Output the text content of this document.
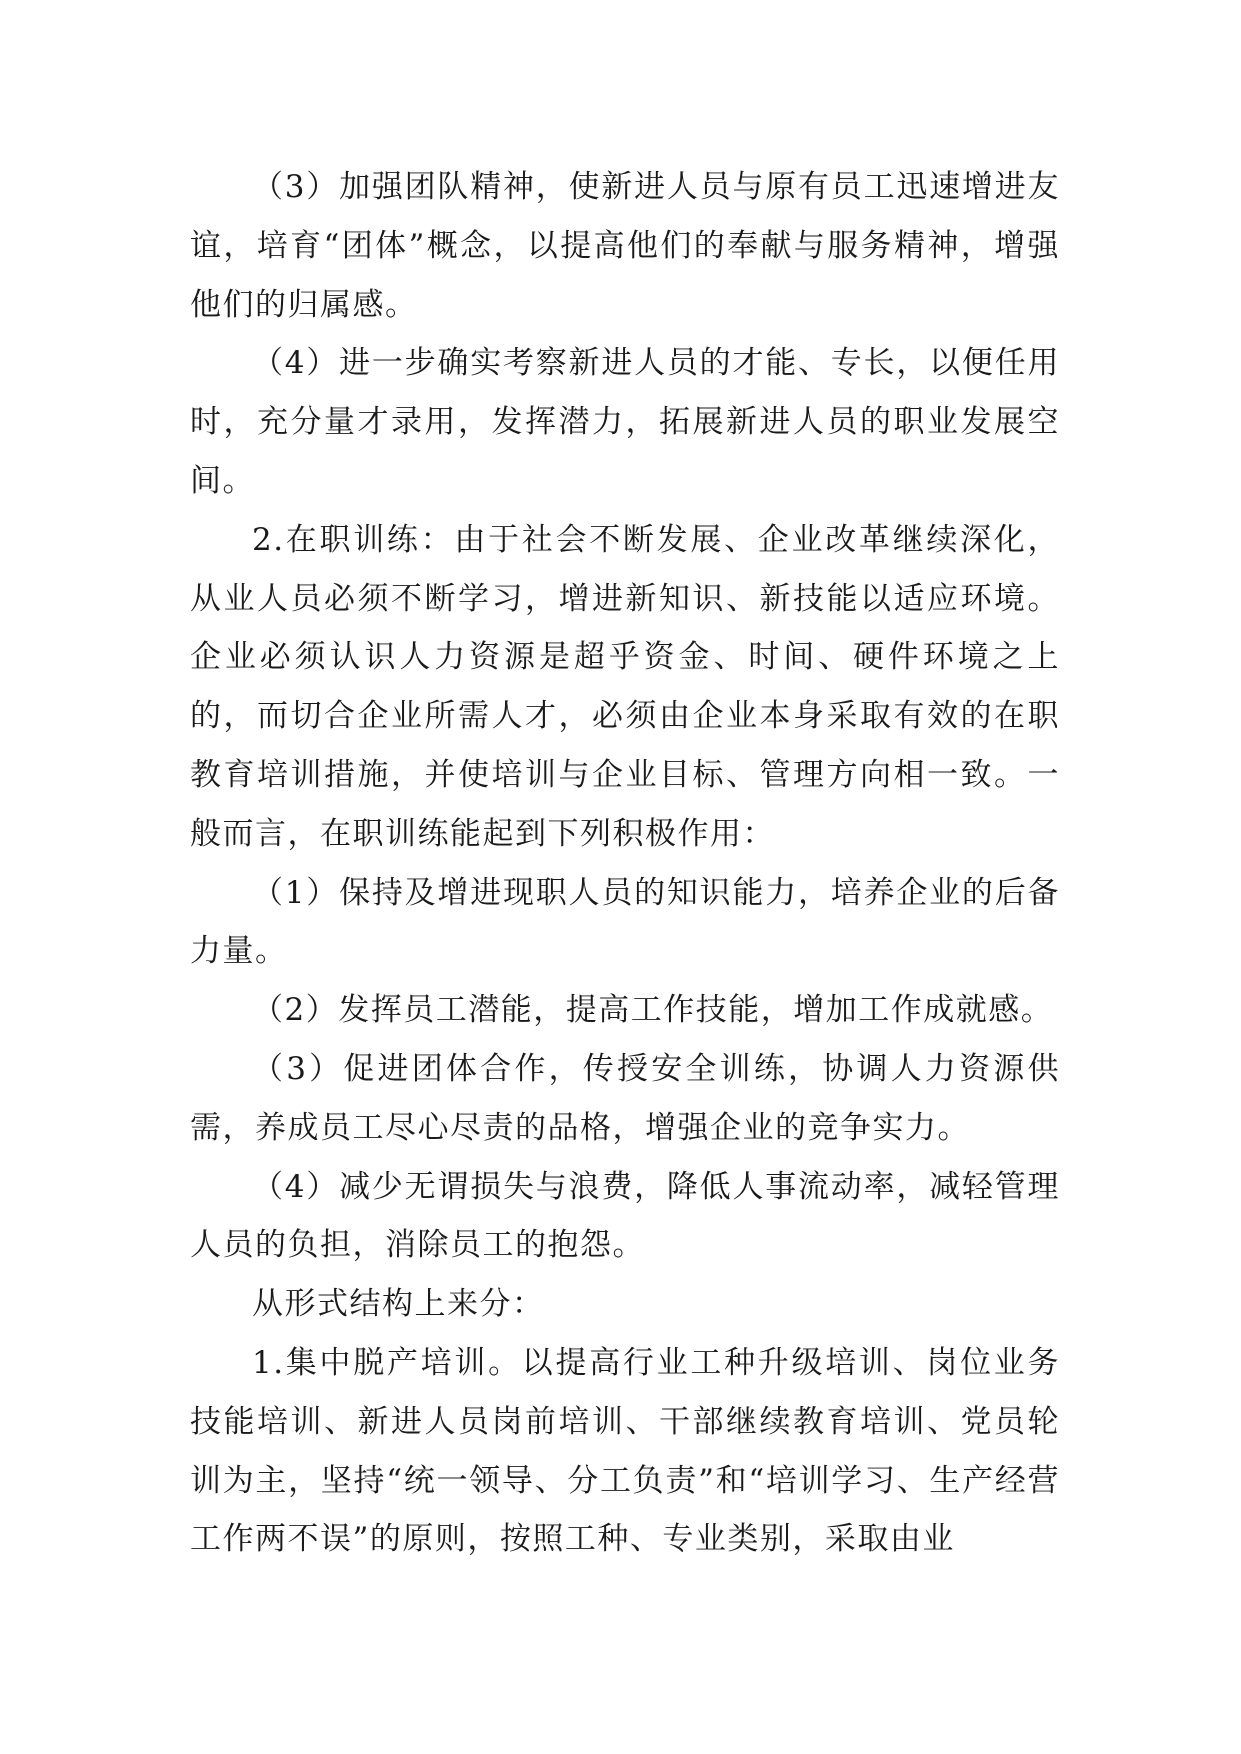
（3）加强团队精神，使新进人员与原有员工迅速增进友谊，培育“团体”概念，以提高他们的奉献与服务精神，增强他们的归属感。

（4）进一步确实考察新进人员的才能、专长，以便任用时，充分量才录用，发挥潜力，拓展新进人员的职业发展空间。

2.在职训练：由于社会不断发展、企业改革继续深化，从业人员必须不断学习，增进新知识、新技能以适应环境。企业必须认识人力资源是超乎资金、时间、硬件环境之上的，而切合企业所需人才，必须由企业本身采取有效的在职教育培训措施，并使培训与企业目标、管理方向相一致。一般而言，在职训练能起到下列积极作用：

（1）保持及增进现职人员的知识能力，培养企业的后备力量。

（2）发挥员工潜能，提高工作技能，增加工作成就感。

（3）促进团体合作，传授安全训练，协调人力资源供需，养成员工尽心尽责的品格，增强企业的竞争实力。

（4）减少无谓损失与浪费，降低人事流动率，减轻管理人员的负担，消除员工的抱怨。

从形式结构上来分：

1.集中脱产培训。以提高行业工种升级培训、岗位业务技能培训、新进人员岗前培训、干部继续教育培训、党员轮训为主，坚持“统一领导、分工负责”和“培训学习、生产经营工作两不误”的原则，按照工种、专业类别，采取由业
